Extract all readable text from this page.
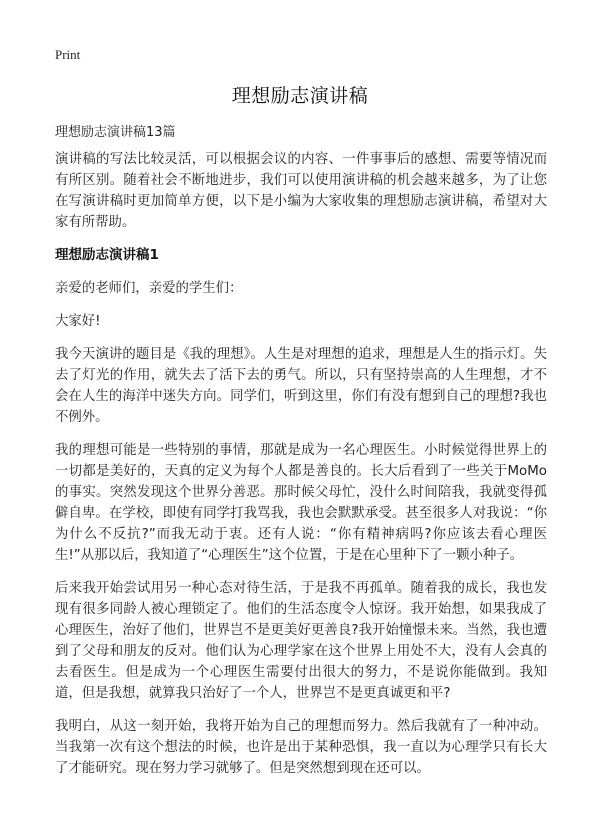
Print
理想励志演讲稿
理想励志演讲稿13篇

演讲稿的写法比较灵活，可以根据会议的内容、一件事事后的感想、需要等情况而有所区别。随着社会不断地进步，我们可以使用演讲稿的机会越来越多，为了让您在写演讲稿时更加简单方便，以下是小编为大家收集的理想励志演讲稿，希望对大家有所帮助。

理想励志演讲稿1

亲爱的老师们，亲爱的学生们：

大家好!

我今天演讲的题目是《我的理想》。人生是对理想的追求，理想是人生的指示灯。失去了灯光的作用，就失去了活下去的勇气。所以，只有坚持崇高的人生理想，才不会在人生的海洋中迷失方向。同学们，听到这里，你们有没有想到自己的理想?我也不例外。

我的理想可能是一些特别的事情，那就是成为一名心理医生。小时候觉得世界上的一切都是美好的，天真的定义为每个人都是善良的。长大后看到了一些关于MoMo的事实。突然发现这个世界分善恶。那时候父母忙，没什么时间陪我，我就变得孤僻自卑。在学校，即使有同学打我骂我，我也会默默承受。甚至很多人对我说：“你为什么不反抗?”而我无动于衷。还有人说：“你有精神病吗?你应该去看心理医生!”从那以后，我知道了“心理医生”这个位置，于是在心里种下了一颗小种子。

后来我开始尝试用另一种心态对待生活，于是我不再孤单。随着我的成长，我也发现有很多同龄人被心理锁定了。他们的生活态度令人惊讶。我开始想，如果我成了心理医生，治好了他们，世界岂不是更美好更善良?我开始憧憬未来。当然，我也遭到了父母和朋友的反对。他们认为心理学家在这个世界上用处不大，没有人会真的去看医生。但是成为一个心理医生需要付出很大的努力，不是说你能做到。我知道，但是我想，就算我只治好了一个人，世界岂不是更真诚更和平?

我明白，从这一刻开始，我将开始为自己的理想而努力。然后我就有了一种冲动。当我第一次有这个想法的时候，也许是出于某种恐惧，我一直以为心理学只有长大了才能研究。现在努力学习就够了。但是突然想到现在还可以。
